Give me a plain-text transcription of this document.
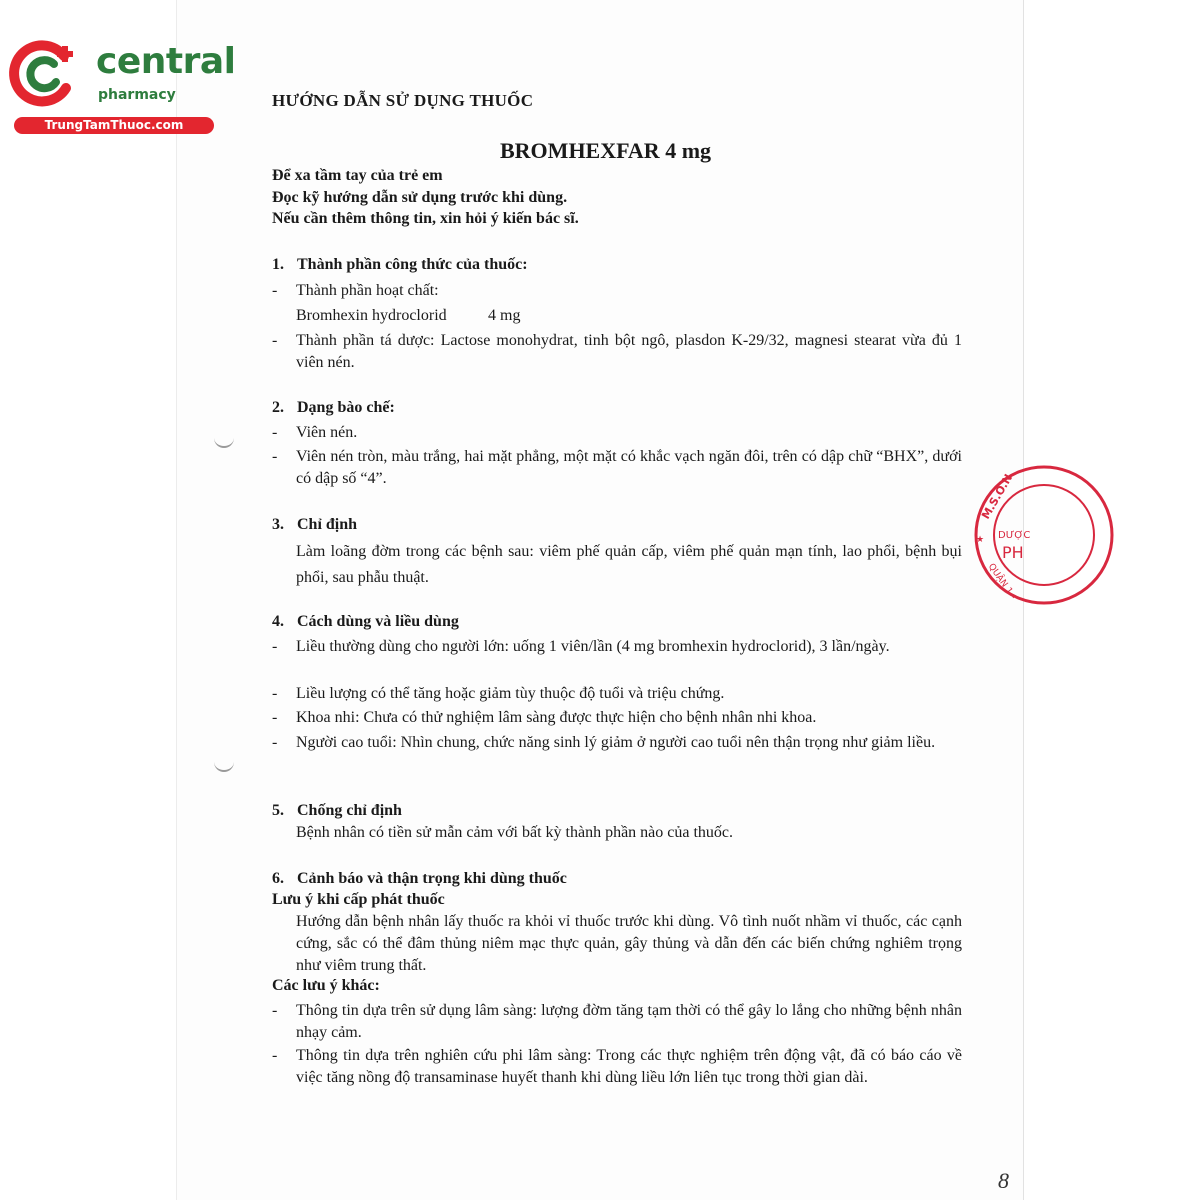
central
pharmacy
TrungTamThuoc.com
HƯỚNG DẪN SỬ DỤNG THUỐC
BROMHEXFAR 4 mg
Để xa tầm tay của trẻ em
Đọc kỹ hướng dẫn sử dụng trước khi dùng.
Nếu cần thêm thông tin, xin hỏi ý kiến bác sĩ.
1. Thành phần công thức của thuốc:
- Thành phần hoạt chất:
Bromhexin hydroclorid	4 mg
- Thành phần tá dược: Lactose monohydrat, tinh bột ngô, plasdon K-29/32, magnesi stearat vừa đủ 1 viên nén.
2. Dạng bào chế:
- Viên nén.
- Viên nén tròn, màu trắng, hai mặt phẳng, một mặt có khắc vạch ngăn đôi, trên có dập chữ “BHX”, dưới có dập số “4”.
3. Chỉ định
Làm loãng đờm trong các bệnh sau: viêm phế quản cấp, viêm phế quản mạn tính, lao phổi, bệnh bụi phổi, sau phẫu thuật.
4. Cách dùng và liều dùng
- Liều thường dùng cho người lớn: uống 1 viên/lần (4 mg bromhexin hydroclorid), 3 lần/ngày.
- Liều lượng có thể tăng hoặc giảm tùy thuộc độ tuổi và triệu chứng.
- Khoa nhi: Chưa có thử nghiệm lâm sàng được thực hiện cho bệnh nhân nhi khoa.
- Người cao tuổi: Nhìn chung, chức năng sinh lý giảm ở người cao tuổi nên thận trọng như giảm liều.
5. Chống chỉ định
Bệnh nhân có tiền sử mẫn cảm với bất kỳ thành phần nào của thuốc.
6. Cảnh báo và thận trọng khi dùng thuốc
Lưu ý khi cấp phát thuốc
Hướng dẫn bệnh nhân lấy thuốc ra khỏi vỉ thuốc trước khi dùng. Vô tình nuốt nhầm vỉ thuốc, các cạnh cứng, sắc có thể đâm thủng niêm mạc thực quản, gây thủng và dẫn đến các biến chứng nghiêm trọng như viêm trung thất.
Các lưu ý khác:
- Thông tin dựa trên sử dụng lâm sàng: lượng đờm tăng tạm thời có thể gây lo lắng cho những bệnh nhân nhạy cảm.
- Thông tin dựa trên nghiên cứu phi lâm sàng: Trong các thực nghiệm trên động vật, đã có báo cáo về việc tăng nồng độ transaminase huyết thanh khi dùng liều lớn liên tục trong thời gian dài.
M.S.O.N
DƯỢC
PH
QUẬN 1 -
★
8
